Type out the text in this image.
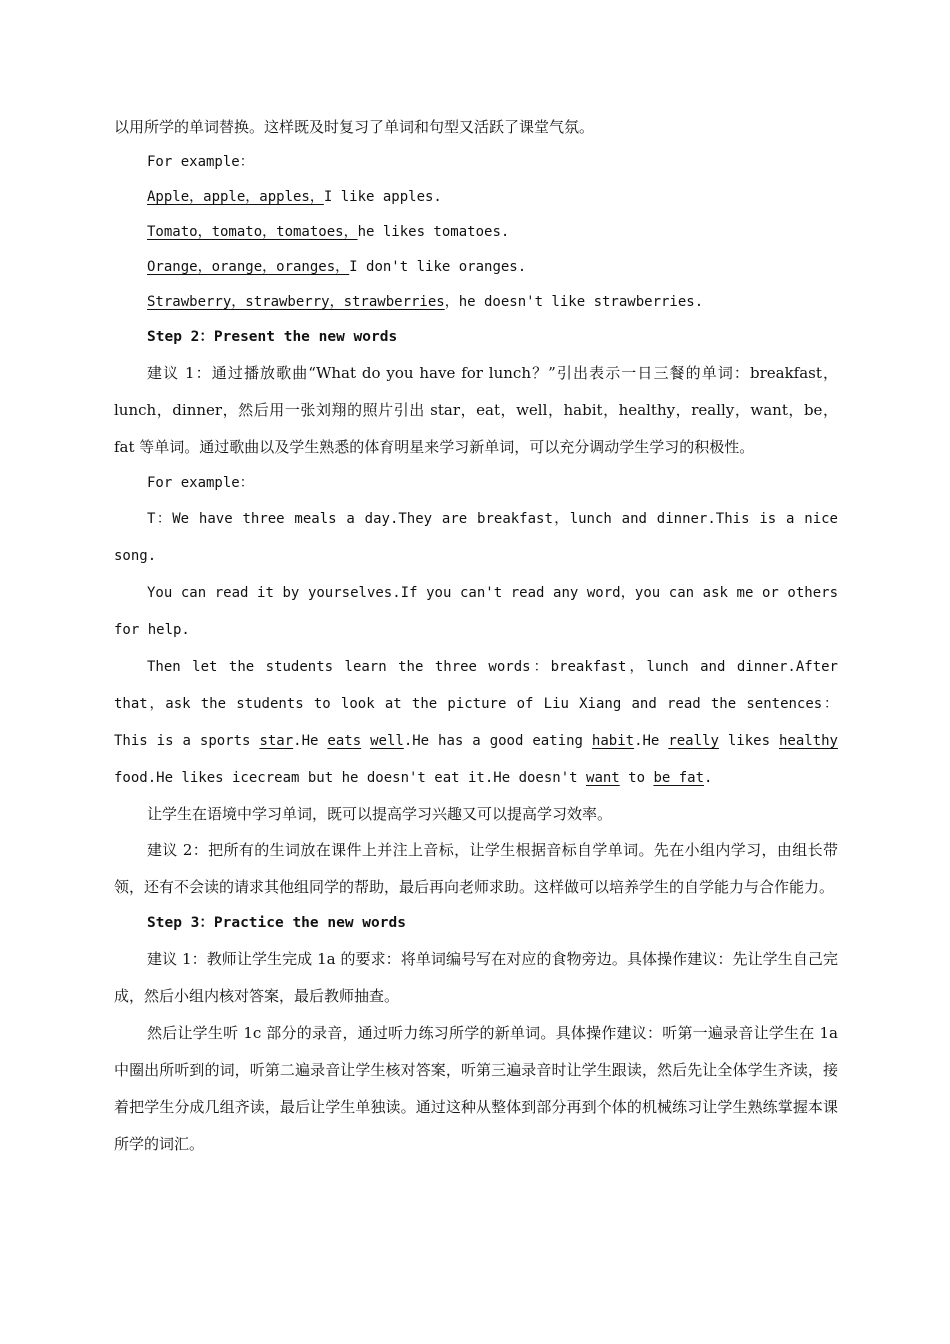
以用所学的单词替换。这样既及时复习了单词和句型又活跃了课堂气氛。

For example：

Apple，apple，apples，I like apples.

Tomato，tomato，tomatoes，he likes tomatoes.

Orange，orange，oranges，I don't like oranges.

Strawberry，strawberry，strawberries，he doesn't like strawberries.

Step 2：Present the new words

建议 1：通过播放歌曲“What do you have for lunch？”引出表示一日三餐的单词：breakfast，lunch，dinner，然后用一张刘翔的照片引出 star，eat，well，habit，healthy，really，want，be，fat 等单词。通过歌曲以及学生熟悉的体育明星来学习新单词，可以充分调动学生学习的积极性。

For example：

T：We have three meals a day.They are breakfast，lunch and dinner.This is a nice song.

You can read it by yourselves.If you can't read any word，you can ask me or others for help.

Then let the students learn the three words：breakfast，lunch and dinner.After that，ask the students to look at the picture of Liu Xiang and read the sentences：This is a sports star.He eats well.He has a good eating habit.He really likes healthy food.He likes icecream but he doesn't eat it.He doesn't want to be fat.

让学生在语境中学习单词，既可以提高学习兴趣又可以提高学习效率。

建议 2：把所有的生词放在课件上并注上音标，让学生根据音标自学单词。先在小组内学习，由组长带领，还有不会读的请求其他组同学的帮助，最后再向老师求助。这样做可以培养学生的自学能力与合作能力。

Step 3：Practice the new words

建议 1：教师让学生完成 1a 的要求：将单词编号写在对应的食物旁边。具体操作建议：先让学生自己完成，然后小组内核对答案，最后教师抽查。

然后让学生听 1c 部分的录音，通过听力练习所学的新单词。具体操作建议：听第一遍录音让学生在 1a 中圈出所听到的词，听第二遍录音让学生核对答案，听第三遍录音时让学生跟读，然后先让全体学生齐读，接着把学生分成几组齐读，最后让学生单独读。通过这种从整体到部分再到个体的机械练习让学生熟练掌握本课所学的词汇。
